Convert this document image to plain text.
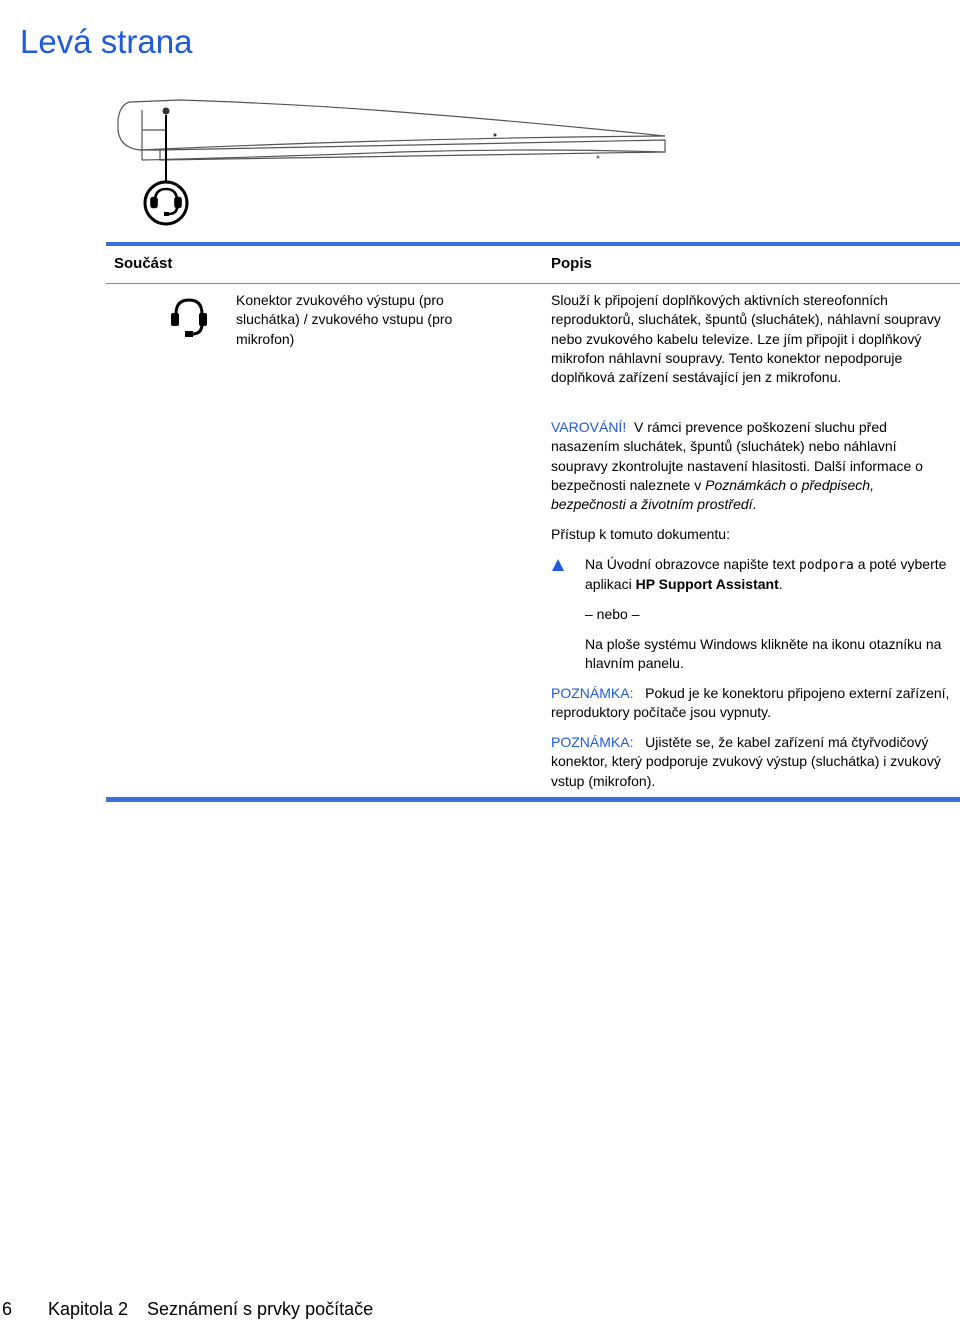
Levá strana
Součást	Popis
Konektor zvukového výstupu (pro sluchátka) / zvukového vstupu (pro mikrofon)

Slouží k připojení doplňkových aktivních stereofonních reproduktorů, sluchátek, špuntů (sluchátek), náhlavní soupravy nebo zvukového kabelu televize. Lze jím připojit i doplňkový mikrofon náhlavní soupravy. Tento konektor nepodporuje doplňková zařízení sestávající jen z mikrofonu.

VAROVÁNÍ! V rámci prevence poškození sluchu před nasazením sluchátek, špuntů (sluchátek) nebo náhlavní soupravy zkontrolujte nastavení hlasitosti. Další informace o bezpečnosti naleznete v Poznámkách o předpisech, bezpečnosti a životním prostředí.

Přístup k tomuto dokumentu:

Na Úvodní obrazovce napište text podpora a poté vyberte aplikaci HP Support Assistant.

– nebo –
Na ploše systému Windows klikněte na ikonu otazníku na hlavním panelu.

POZNÁMKA: Pokud je ke konektoru připojeno externí zařízení, reproduktory počítače jsou vypnuty.

POZNÁMKA: Ujistěte se, že kabel zařízení má čtyřvodičový konektor, který podporuje zvukový výstup (sluchátka) i zvukový vstup (mikrofon).

6 Kapitola 2 Seznámení s prvky počítače
